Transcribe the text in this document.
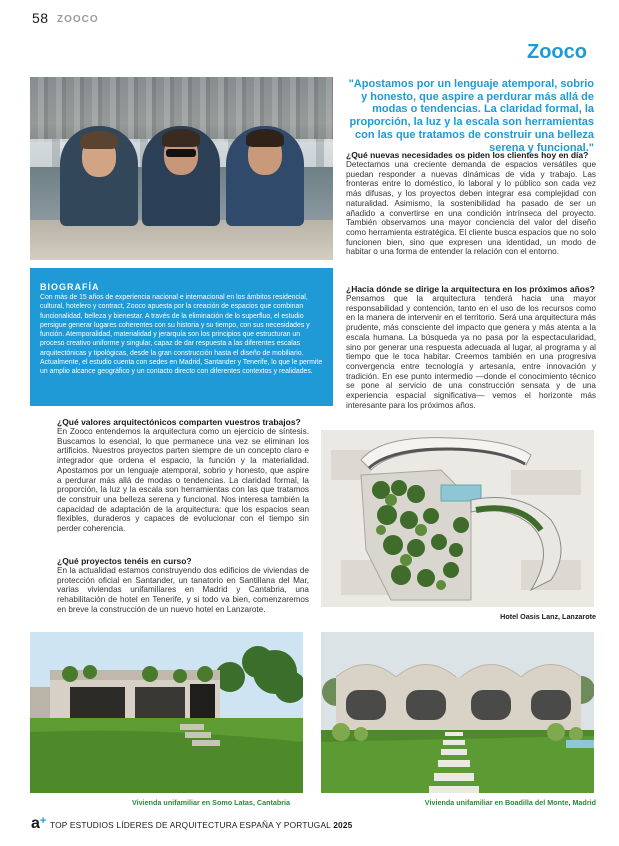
58 ZOOCO
Zooco
BIOGRAFÍA
Con más de 15 años de experiencia nacional e internacional en los ámbitos residencial, cultural, hotelero y contract, Zooco apuesta por la creación de espacios que combinan funcionalidad, belleza y bienestar. A través de la eliminación de lo superfluo, el estudio persigue generar lugares coherentes con su historia y su tiempo, con sus necesidades y función. Atemporalidad, materialidad y jerarquía son los principios que estructuran un proceso creativo uniforme y singular, capaz de dar respuesta a las diferentes escalas arquitectónicas y tipológicas, desde la gran construcción hasta el diseño de mobiliario. Actualmente, el estudio cuenta con sedes en Madrid, Santander y Tenerife, lo que le permite un amplio alcance geográfico y un contacto directo con diferentes contextos y realidades.
"Apostamos por un lenguaje atemporal, sobrio y honesto, que aspire a perdurar más allá de modas o tendencias. La claridad formal, la proporción, la luz y la escala son herramientas con las que tratamos de construir una belleza serena y funcional."
¿Qué nuevas necesidades os piden los clientes hoy en día?
Detectamos una creciente demanda de espacios versátiles que puedan responder a nuevas dinámicas de vida y trabajo. Las fronteras entre lo doméstico, lo laboral y lo público son cada vez más difusas, y los proyectos deben integrar esa complejidad con naturalidad. Asimismo, la sostenibilidad ha pasado de ser un añadido a convertirse en una condición intrínseca del proyecto. También observamos una mayor conciencia del valor del diseño como herramienta estratégica. El cliente busca espacios que no solo funcionen bien, sino que expresen una identidad, un modo de habitar o una forma de entender la relación con el entorno.
¿Hacia dónde se dirige la arquitectura en los próximos años?
Pensamos que la arquitectura tenderá hacia una mayor responsabilidad y contención, tanto en el uso de los recursos como en la manera de intervenir en el territorio. Será una arquitectura más prudente, más consciente del impacto que genera y más atenta a la escala humana. La búsqueda ya no pasa por la espectacularidad, sino por generar una respuesta adecuada al lugar, al programa y al tiempo que le toca habitar. Creemos también en una progresiva convergencia entre tecnología y artesanía, entre innovación y tradición. En ese punto intermedio —donde el conocimiento técnico se pone al servicio de una construcción sensata y de una experiencia espacial significativa— vemos el horizonte más interesante para los próximos años.
¿Qué valores arquitectónicos comparten vuestros trabajos?
En Zooco entendemos la arquitectura como un ejercicio de síntesis. Buscamos lo esencial, lo que permanece una vez se eliminan los artificios. Nuestros proyectos parten siempre de un concepto claro e integrador que ordena el espacio, la función y la materialidad. Apostamos por un lenguaje atemporal, sobrio y honesto, que aspire a perdurar más allá de modas o tendencias. La claridad formal, la proporción, la luz y la escala son herramientas con las que tratamos de construir una belleza serena y funcional. Nos interesa también la capacidad de adaptación de la arquitectura: que los espacios sean flexibles, duraderos y capaces de evolucionar con el tiempo sin perder coherencia.
¿Qué proyectos tenéis en curso?
En la actualidad estamos construyendo dos edificios de viviendas de protección oficial en Santander, un tanatorio en Santillana del Mar, varias viviendas unifamiliares en Madrid y Cantabria, una rehabilitación de hotel en Tenerife, y si todo va bien, comenzaremos en breve la construcción de un nuevo hotel en Lanzarote.
Hotel Oasis Lanz, Lanzarote
Vivienda unifamiliar en Somo Latas, Cantabria	Vivienda unifamiliar en Boadilla del Monte, Madrid
a+ TOP ESTUDIOS LÍDERES DE ARQUITECTURA ESPAÑA Y PORTUGAL 2025
